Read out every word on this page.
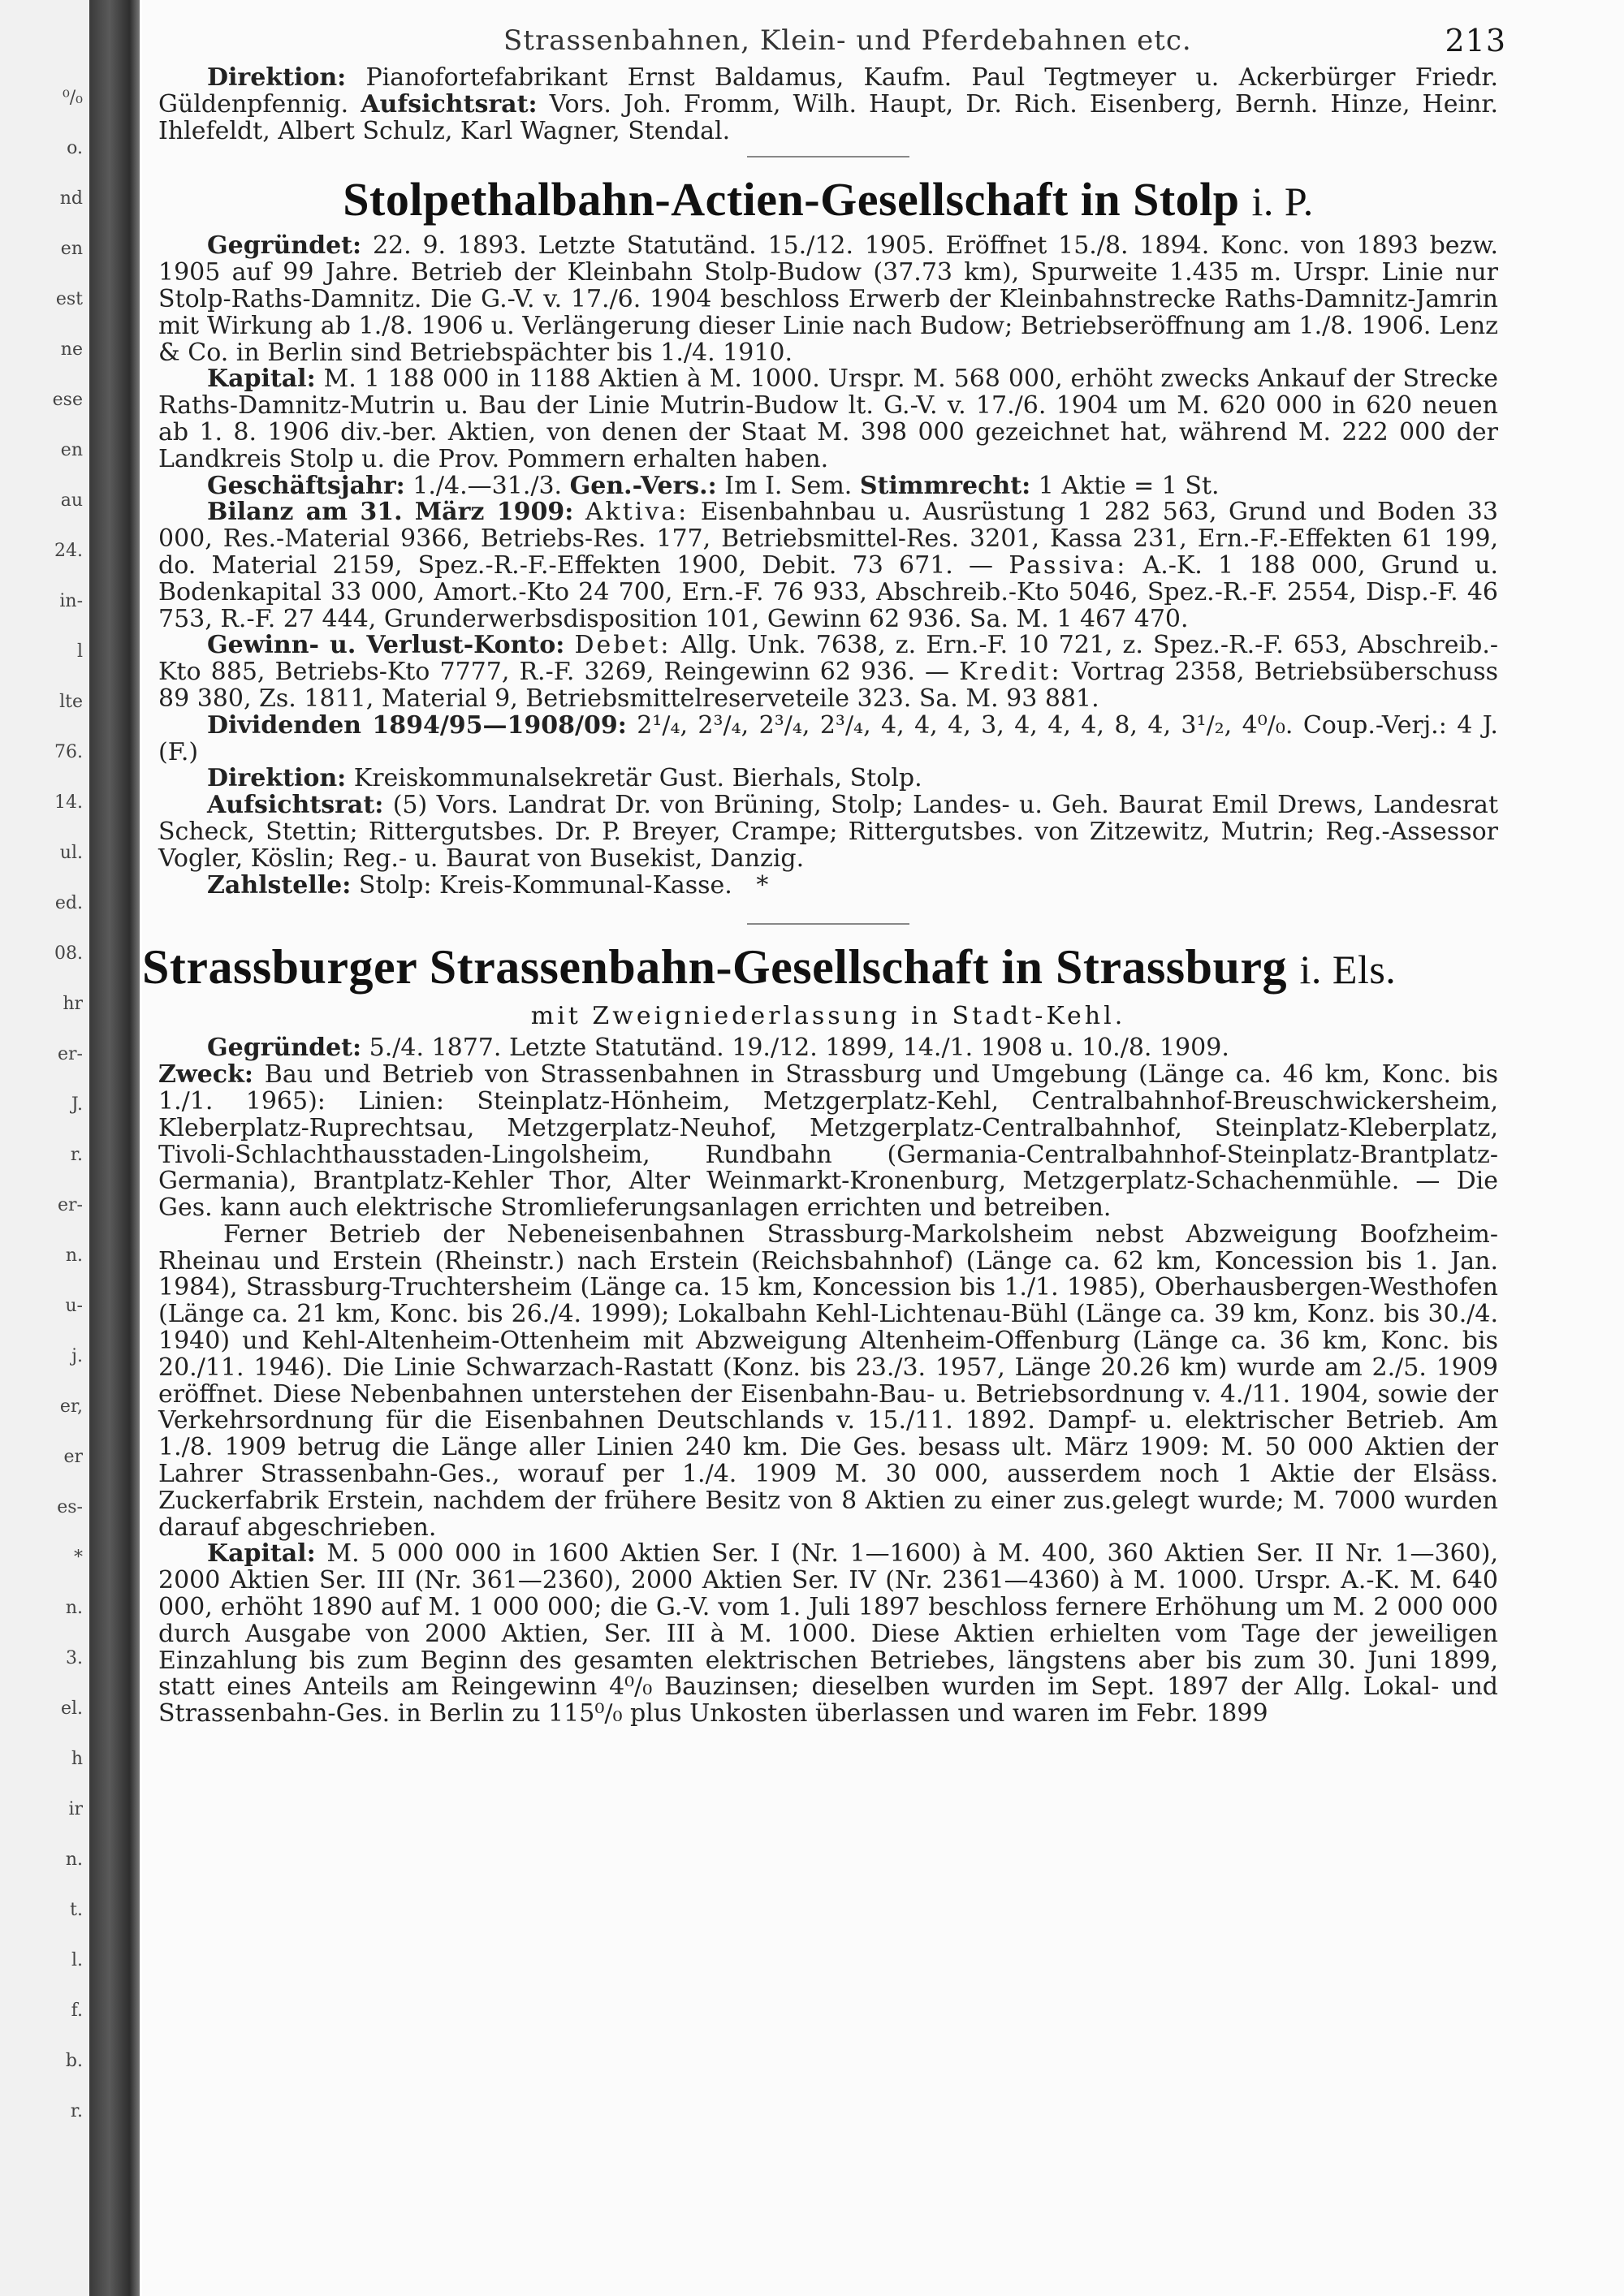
⁰/₀
o.
nd
en
est
ne
ese
en
au
24.
in-
l
lte
76.
14.
ul.
ed.
08.
hr
er-
J.
r.
er-
n.
u-
j.
er,
er
es-
*
n.
3.
el.
h
ir
n.
t.
l.
f.
b.
r.
Strassenbahnen, Klein- und Pferdebahnen etc.	213

Direktion: Pianofortefabrikant Ernst Baldamus, Kaufm. Paul Tegtmeyer u. Ackerbürger Friedr. Güldenpfennig. Aufsichtsrat: Vors. Joh. Fromm, Wilh. Haupt, Dr. Rich. Eisenberg, Bernh. Hinze, Heinr. Ihlefeldt, Albert Schulz, Karl Wagner, Stendal.

Stolpethalbahn-Actien-Gesellschaft in Stolp i. P.

Gegründet: 22. 9. 1893. Letzte Statutänd. 15./12. 1905. Eröffnet 15./8. 1894. Konc. von 1893 bezw. 1905 auf 99 Jahre. Betrieb der Kleinbahn Stolp-Budow (37.73 km), Spurweite 1.435 m. Urspr. Linie nur Stolp-Raths-Damnitz. Die G.-V. v. 17./6. 1904 beschloss Erwerb der Kleinbahnstrecke Raths-Damnitz-Jamrin mit Wirkung ab 1./8. 1906 u. Verlängerung dieser Linie nach Budow; Betriebseröffnung am 1./8. 1906. Lenz & Co. in Berlin sind Betriebspächter bis 1./4. 1910.

Kapital: M. 1 188 000 in 1188 Aktien à M. 1000. Urspr. M. 568 000, erhöht zwecks Ankauf der Strecke Raths-Damnitz-Mutrin u. Bau der Linie Mutrin-Budow lt. G.-V. v. 17./6. 1904 um M. 620 000 in 620 neuen ab 1. 8. 1906 div.-ber. Aktien, von denen der Staat M. 398 000 gezeichnet hat, während M. 222 000 der Landkreis Stolp u. die Prov. Pommern erhalten haben.

Geschäftsjahr: 1./4.—31./3. Gen.-Vers.: Im I. Sem. Stimmrecht: 1 Aktie = 1 St.

Bilanz am 31. März 1909: Aktiva: Eisenbahnbau u. Ausrüstung 1 282 563, Grund und Boden 33 000, Res.-Material 9366, Betriebs-Res. 177, Betriebsmittel-Res. 3201, Kassa 231, Ern.-F.-Effekten 61 199, do. Material 2159, Spez.-R.-F.-Effekten 1900, Debit. 73 671. — Passiva: A.-K. 1 188 000, Grund u. Bodenkapital 33 000, Amort.-Kto 24 700, Ern.-F. 76 933, Abschreib.-Kto 5046, Spez.-R.-F. 2554, Disp.-F. 46 753, R.-F. 27 444, Grunderwerbsdisposition 101, Gewinn 62 936. Sa. M. 1 467 470.

Gewinn- u. Verlust-Konto: Debet: Allg. Unk. 7638, z. Ern.-F. 10 721, z. Spez.-R.-F. 653, Abschreib.-Kto 885, Betriebs-Kto 7777, R.-F. 3269, Reingewinn 62 936. — Kredit: Vortrag 2358, Betriebsüberschuss 89 380, Zs. 1811, Material 9, Betriebsmittelreserveteile 323. Sa. M. 93 881.

Dividenden 1894/95—1908/09: 2¹/₄, 2³/₄, 2³/₄, 2³/₄, 4, 4, 4, 3, 4, 4, 4, 8, 4, 3¹/₂, 4⁰/₀. Coup.-Verj.: 4 J. (F.)

Direktion: Kreiskommunalsekretär Gust. Bierhals, Stolp.

Aufsichtsrat: (5) Vors. Landrat Dr. von Brüning, Stolp; Landes- u. Geh. Baurat Emil Drews, Landesrat Scheck, Stettin; Rittergutsbes. Dr. P. Breyer, Crampe; Rittergutsbes. von Zitzewitz, Mutrin; Reg.-Assessor Vogler, Köslin; Reg.- u. Baurat von Busekist, Danzig.

Zahlstelle: Stolp: Kreis-Kommunal-Kasse. *

Strassburger Strassenbahn-Gesellschaft in Strassburg i. Els.
mit Zweigniederlassung in Stadt-Kehl.

Gegründet: 5./4. 1877. Letzte Statutänd. 19./12. 1899, 14./1. 1908 u. 10./8. 1909.

Zweck: Bau und Betrieb von Strassenbahnen in Strassburg und Umgebung (Länge ca. 46 km, Konc. bis 1./1. 1965): Linien: Steinplatz-Hönheim, Metzgerplatz-Kehl, Centralbahnhof-Breuschwickersheim, Kleberplatz-Ruprechtsau, Metzgerplatz-Neuhof, Metzgerplatz-Centralbahnhof, Steinplatz-Kleberplatz, Tivoli-Schlachthausstaden-Lingolsheim, Rundbahn (Germania-Centralbahnhof-Steinplatz-Brantplatz-Germania), Brantplatz-Kehler Thor, Alter Weinmarkt-Kronenburg, Metzgerplatz-Schachenmühle. — Die Ges. kann auch elektrische Stromlieferungsanlagen errichten und betreiben.

Ferner Betrieb der Nebeneisenbahnen Strassburg-Markolsheim nebst Abzweigung Boofzheim-Rheinau und Erstein (Rheinstr.) nach Erstein (Reichsbahnhof) (Länge ca. 62 km, Koncession bis 1. Jan. 1984), Strassburg-Truchtersheim (Länge ca. 15 km, Koncession bis 1./1. 1985), Oberhausbergen-Westhofen (Länge ca. 21 km, Konc. bis 26./4. 1999); Lokalbahn Kehl-Lichtenau-Bühl (Länge ca. 39 km, Konz. bis 30./4. 1940) und Kehl-Altenheim-Ottenheim mit Abzweigung Altenheim-Offenburg (Länge ca. 36 km, Konc. bis 20./11. 1946). Die Linie Schwarzach-Rastatt (Konz. bis 23./3. 1957, Länge 20.26 km) wurde am 2./5. 1909 eröffnet. Diese Nebenbahnen unterstehen der Eisenbahn-Bau- u. Betriebsordnung v. 4./11. 1904, sowie der Verkehrsordnung für die Eisenbahnen Deutschlands v. 15./11. 1892. Dampf- u. elektrischer Betrieb. Am 1./8. 1909 betrug die Länge aller Linien 240 km. Die Ges. besass ult. März 1909: M. 50 000 Aktien der Lahrer Strassenbahn-Ges., worauf per 1./4. 1909 M. 30 000, ausserdem noch 1 Aktie der Elsäss. Zuckerfabrik Erstein, nachdem der frühere Besitz von 8 Aktien zu einer zus.gelegt wurde; M. 7000 wurden darauf abgeschrieben.

Kapital: M. 5 000 000 in 1600 Aktien Ser. I (Nr. 1—1600) à M. 400, 360 Aktien Ser. II Nr. 1—360), 2000 Aktien Ser. III (Nr. 361—2360), 2000 Aktien Ser. IV (Nr. 2361—4360) à M. 1000. Urspr. A.-K. M. 640 000, erhöht 1890 auf M. 1 000 000; die G.-V. vom 1. Juli 1897 beschloss fernere Erhöhung um M. 2 000 000 durch Ausgabe von 2000 Aktien, Ser. III à M. 1000. Diese Aktien erhielten vom Tage der jeweiligen Einzahlung bis zum Beginn des gesamten elektrischen Betriebes, längstens aber bis zum 30. Juni 1899, statt eines Anteils am Reingewinn 4⁰/₀ Bauzinsen; dieselben wurden im Sept. 1897 der Allg. Lokal- und Strassenbahn-Ges. in Berlin zu 115⁰/₀ plus Unkosten überlassen und waren im Febr. 1899
